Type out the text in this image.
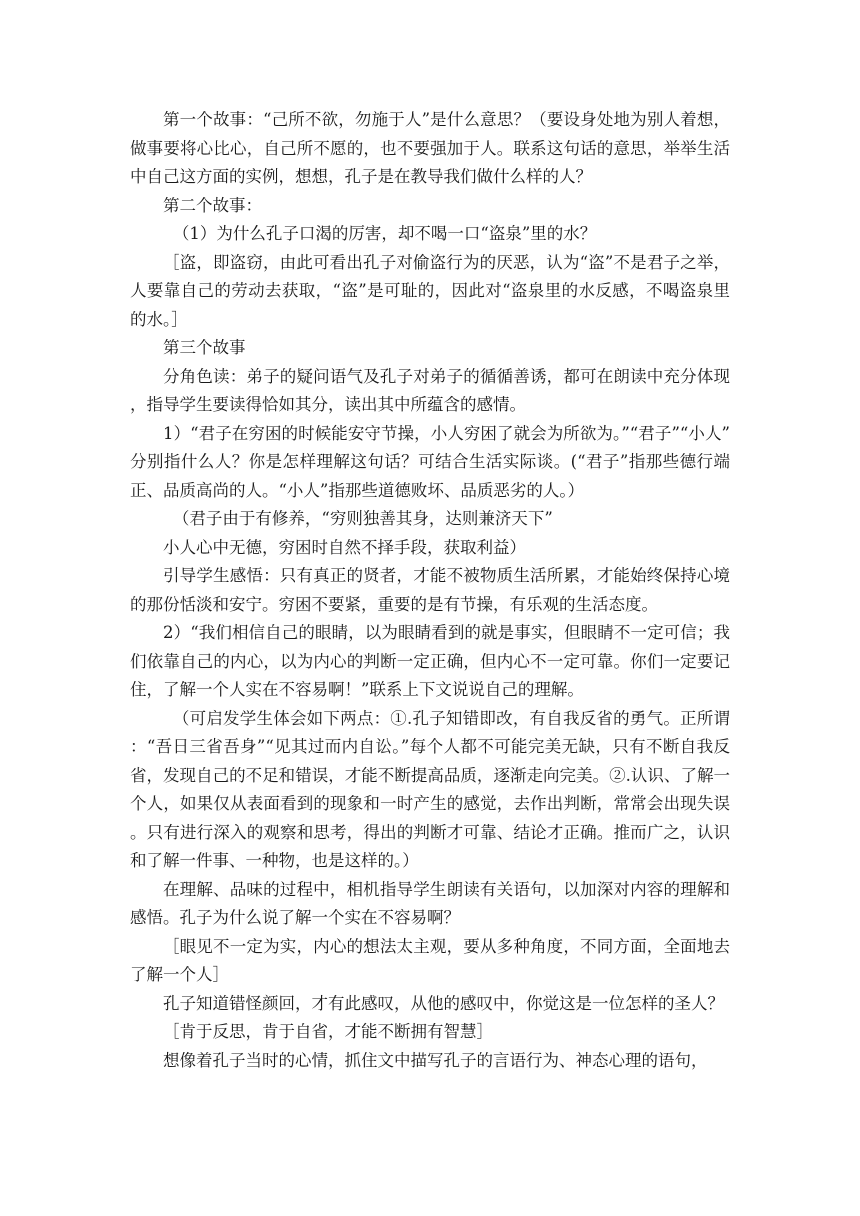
第一个故事：“己所不欲，勿施于人”是什么意思？（要设身处地为别人着想，做事要将心比心，自己所不愿的，也不要强加于人。联系这句话的意思，举举生活中自己这方面的实例，想想，孔子是在教导我们做什么样的人？

第二个故事：

（1）为什么孔子口渴的厉害，却不喝一口“盗泉”里的水？

［盗，即盗窃，由此可看出孔子对偷盗行为的厌恶，认为“盗”不是君子之举，人要靠自己的劳动去获取，“盗”是可耻的，因此对“盗泉里的水反感，不喝盗泉里的水。］

第三个故事

分角色读：弟子的疑问语气及孔子对弟子的循循善诱，都可在朗读中充分体现，指导学生要读得恰如其分，读出其中所蕴含的感情。

1）“君子在穷困的时候能安守节操，小人穷困了就会为所欲为。”“君子”“小人”分别指什么人？你是怎样理解这句话？可结合生活实际谈。(“君子”指那些德行端正、品质高尚的人。“小人”指那些道德败坏、品质恶劣的人。）

（君子由于有修养，“穷则独善其身，达则兼济天下”

小人心中无德，穷困时自然不择手段，获取利益）

引导学生感悟：只有真正的贤者，才能不被物质生活所累，才能始终保持心境的那份恬淡和安宁。穷困不要紧，重要的是有节操，有乐观的生活态度。

2）“我们相信自己的眼睛，以为眼睛看到的就是事实，但眼睛不一定可信；我们依靠自己的内心，以为内心的判断一定正确，但内心不一定可靠。你们一定要记住，了解一个人实在不容易啊！”联系上下文说说自己的理解。

（可启发学生体会如下两点：①.孔子知错即改，有自我反省的勇气。正所谓：“吾日三省吾身”“见其过而内自讼。”每个人都不可能完美无缺，只有不断自我反省，发现自己的不足和错误，才能不断提高品质，逐渐走向完美。②.认识、了解一个人，如果仅从表面看到的现象和一时产生的感觉，去作出判断，常常会出现失误。只有进行深入的观察和思考，得出的判断才可靠、结论才正确。推而广之，认识和了解一件事、一种物，也是这样的。）

在理解、品味的过程中，相机指导学生朗读有关语句，以加深对内容的理解和感悟。孔子为什么说了解一个实在不容易啊？

［眼见不一定为实，内心的想法太主观，要从多种角度，不同方面，全面地去了解一个人］

孔子知道错怪颜回，才有此感叹，从他的感叹中，你觉这是一位怎样的圣人？

［肯于反思，肯于自省，才能不断拥有智慧］

想像着孔子当时的心情，抓住文中描写孔子的言语行为、神态心理的语句，
